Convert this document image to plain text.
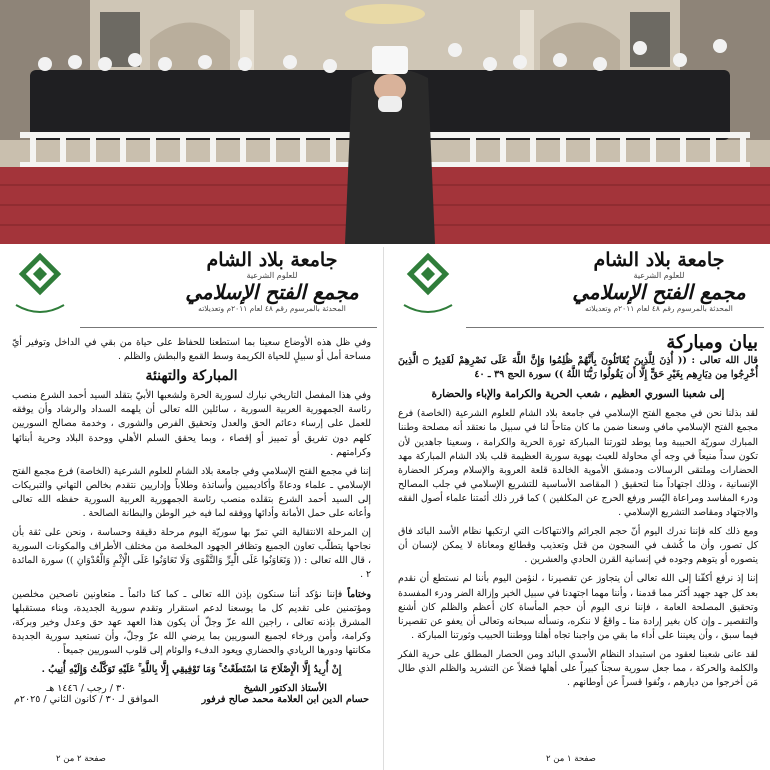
جامعة بلاد الشام
للعلوم الشرعية
مجمع الفتح الإسلامي
المحدثة بالمرسوم رقم ٤٨ لعام ٢٠١١م وتعديلاته

وفي ظل هذه الأوضاع سعينا بما استطعنا للحفاظ على حياة من بقي في الداخل وتوفير أيّ مساحة أمل أو سبيلٍ للحياة الكريمة وسط القمع والبطش والظلم .

المباركة والتهنئة

وفي هذا المفصل التاريخي نبارك لسورية الحرة ولشعبها الأبيّ بتقلد السيد أحمد الشرع منصب رئاسة الجمهورية العربية السورية ، سائلين الله تعالى أن يلهمه السداد والرشاد وأن يوفقه للعمل على إرساء دعائم الحق والعدل وتحقيق الفرص والشورى ، وخدمة مصالح السوريين كلهم دون تفريق أو تمييز أو إقصاء ، وبما يحقق السلم الأهلي ووحدة البلاد وحرية أبنائها وكرامتهم .

إننا في مجمع الفتح الإسلامي وفي جامعة بلاد الشام للعلوم الشرعية (الخاصة) فرع مجمع الفتح الإسلامي ـ علماء ودعاةً وأكاديميين وأساتذة وطلاباً وإداريين نتقدم بخالص التهاني والتبريكات إلى السيد أحمد الشرع بتقلده منصب رئاسة الجمهورية العربية السورية حفظه الله تعالى وأعانه على حمل الأمانة وأدائها ووفقه لما فيه خير الوطن والبطانة الصالحة .

إن المرحلة الانتقالية التي تمرّ بها سوريّة اليوم مرحلة دقيقة وحساسة ، ونحن على ثقة بأن نجاحها يتطلّب تعاون الجميع وتظافر الجهود المخلصة من مختلف الأطراف والمكونات السورية ، قال الله تعالى : (( وَتَعَاوَنُوا عَلَى الْبِرِّ وَالتَّقْوَى وَلَا تَعَاوَنُوا عَلَى الْإِثْمِ وَالْعُدْوَانِ )) سورة المائدة ٢ .

وختاماً فإننا نؤكد أننا سنكون بإذن الله تعالى ـ كما كنا دائماً ـ متعاونين ناصحين مخلصين ومؤتمنين على تقديم كل ما يوسعنا لدعم استقرار وتقدم سورية الجديدة، وبناء مستقبلها المشرق بإذنه تعالى ، راجين الله عزّ وجلّ أن يكون هذا العهد عهد حق وعدل وخير وبركة، وكرامة، وأمن ورخاء لجميع السوريين بما يرضي الله عزّ وجلّ، وأن تستعيد سورية الجديدة مكانتها ودورها الريادي والحضاري ويعود الدفء والوئام إلى قلوب السوريين جميعاً .

إِنْ أُرِيدُ إِلَّا الْإِصْلَاحَ مَا اسْتَطَعْتُ ۚ وَمَا تَوْفِيقِي إِلَّا بِاللَّهِ ۚ عَلَيْهِ تَوَكَّلْتُ وَإِلَيْهِ أُنِيبُ .

الأستاذ الدكتور الشيخ
حسام الدين ابن العلامة محمد صالح فرفور
٣٠ / رجب / ١٤٤٦ هـ
الموافق لـ ٣٠ / كانون الثاني / ٢٠٢٥م
صفحة ٢ من ٢
جامعة بلاد الشام
للعلوم الشرعية
مجمع الفتح الإسلامي
المحدثة بالمرسوم رقم ٤٨ لعام ٢٠١١م وتعديلاته
بيان ومباركة

قال الله تعالى : (( أُذِنَ لِلَّذِينَ يُقَاتَلُونَ بِأَنَّهُمْ ظُلِمُوا وَإِنَّ اللَّهَ عَلَى نَصْرِهِمْ لَقَدِيرٌ ۝ الَّذِينَ أُخْرِجُوا مِن دِيَارِهِم بِغَيْرِ حَقٍّ إِلَّا أَن يَقُولُوا رَبُّنَا اللَّهُ )) سورة الحج ٣٩ ـ ٤٠

إلى شعبنا السوري العظيم ، شعب الحرية والكرامة والإباء والحضارة

لقد بذلنا نحن في مجمع الفتح الإسلامي في جامعة بلاد الشام للعلوم الشرعية (الخاصة) فرع مجمع الفتح الإسلامي مافي وسعنا ضمن ما كان متاحاً لنا في سبيل ما نعتقد أنه مصلحة وطننا المبارك سوريّة الحبيبة وما يوطد لثورتنا المباركة ثورة الحرية والكرامة ، وسعينا جاهدين لأن تكون سداً منيعاً في وجه أي محاولة للعبث بهوية سورية العظيمة قلب بلاد الشام المباركة مهد الحضارات وملتقى الرسالات ودمشق الأموية الخالدة قلعة العروبة والإسلام ومركز الحضارة الإنسانية ، وذلك اجتهاداً منا لتحقيق ( المقاصد الأساسية للتشريع الإسلامي في جلب المصالح ودرء المفاسد ومراعاة اليُسر ورفع الحرج عن المكلفين ) كما قرر ذلك أئمتنا علماء أصول الفقه والاجتهاد ومقاصد التشريع الإسلامي .

ومع ذلك كله فإننا ندرك اليوم أنّ حجم الجرائم والانتهاكات التي ارتكبها نظام الأسد البائد فاق كل تصور، وأن ما كُشف في السجون من قتل وتعذيب وقطائع ومعاناة لا يمكن لإنسان أن يتصوره أو يتوهم وجوده في إنسانية القرن الحادي والعشرين .

إننا إذ نرفع أكفّنا إلى الله تعالى أن يتجاوز عن تقصيرنا ، لنؤمن اليوم بأننا لم نستطع أن نقدم بعد كل جهد جهيد أكثر مما قدمنا ، وأننا مهما اجتهدنا في سبيل الخير وإزالة الضر ودرء المفسدة وتحقيق المصلحة العامة ، فإننا نرى اليوم أن حجم المأساة كان أعظم والظلم كان أشنع والتقصير ـ وإن كان بغير إرادة منا ـ واقعٌ لا ننكره، ونسأله سبحانه وتعالى أن يعفو عن تقصيرنا فيما سبق ، وأن يعيننا على أداء ما بقي من واجبنا تجاه أهلنا ووطننا الحبيب وثورتنا المباركة .

لقد عانى شعبنا لعقود من استبداد النظام الأسدي البائد ومن الحصار المطلق على حرية الفكر والكلمة والحركة ، مما جعل سورية سجناً كبيراً على أهلها فضلاً عن التشريد والظلم الذي طال مَن أخرجوا من ديارهم ، ونُفوا قسراً عن أوطانهم .

صفحة ١ من ٢
